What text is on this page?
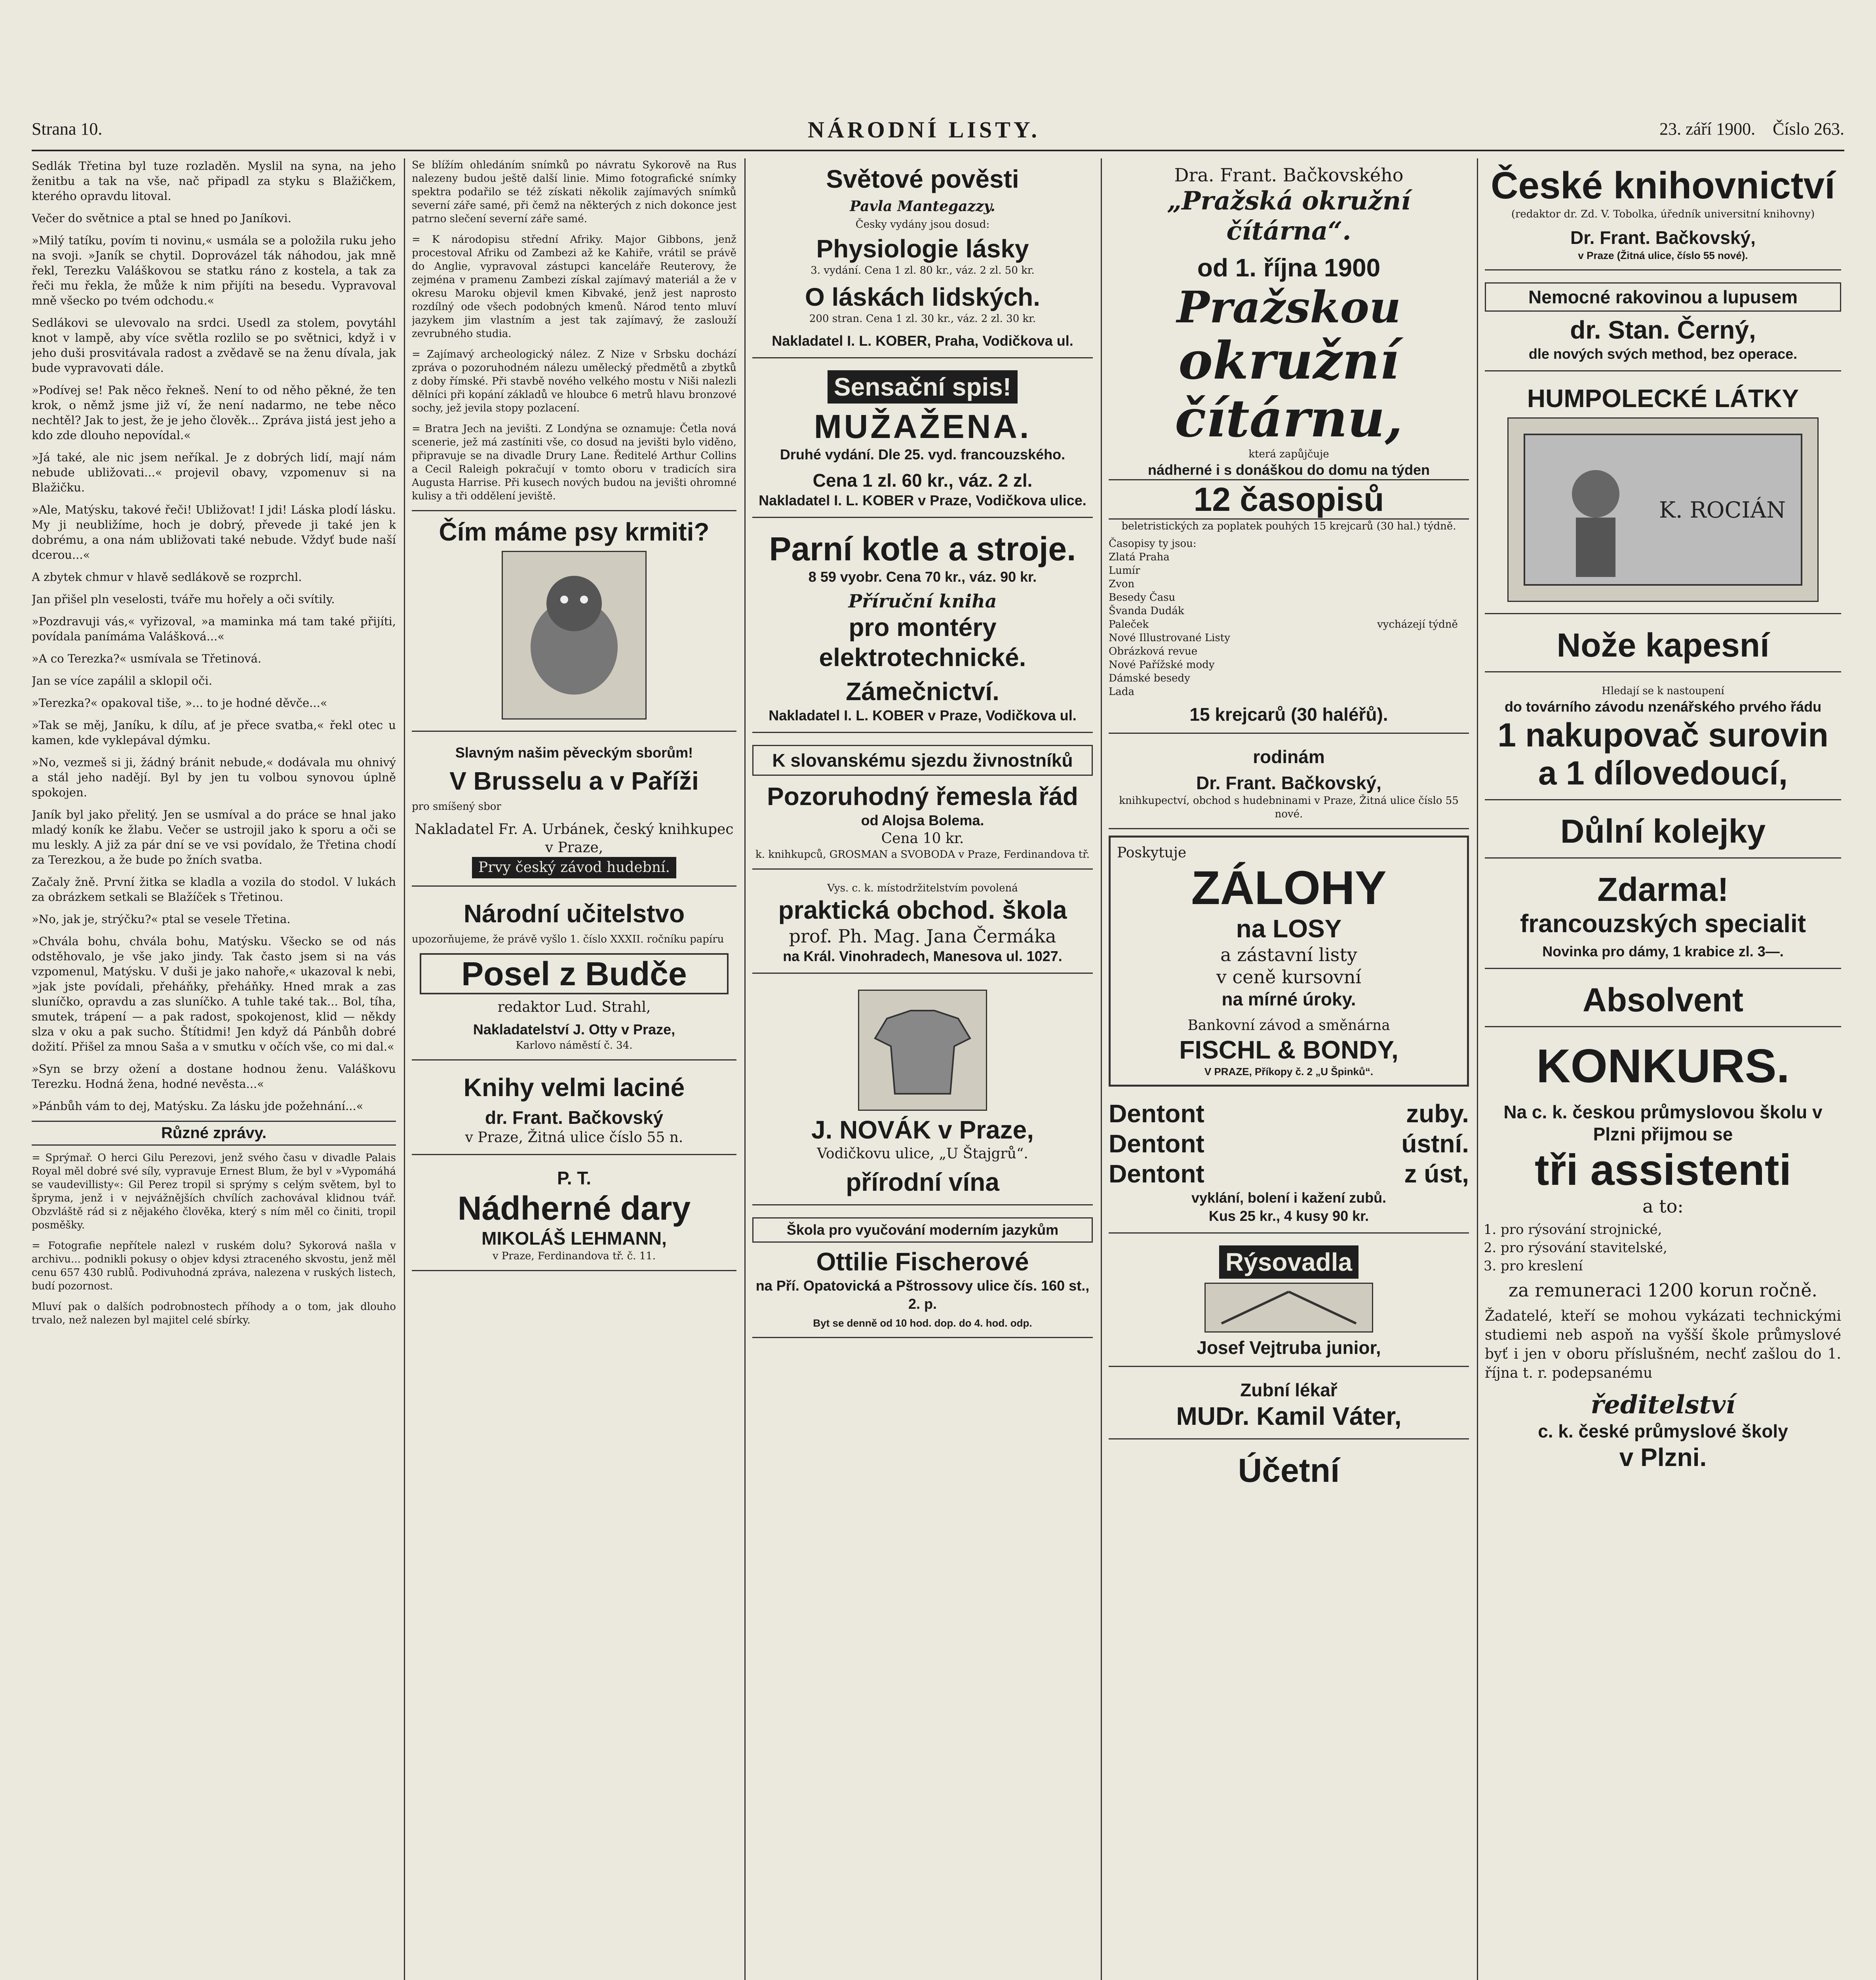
Strana 10.	NÁRODNÍ LISTY.	23. září 1900. Číslo 263.

Sedlák Třetina byl tuze rozladěn. Myslil na syna, na jeho ženitbu a tak na vše, nač připadl za styku s Blažičkem, kterého opravdu litoval.

Večer do světnice a ptal se hned po Janíkovi.

»Milý tatíku, povím ti novinu,« usmála se a položila ruku jeho na svoji. »Janík se chytil. Doprovázel ták náhodou, jak mně řekl, Terezku Valáškovou se statku ráno z kostela, a tak za řeči mu řekla, že může k nim přijíti na besedu. Vypravoval mně všecko po tvém odchodu.«

Sedlákovi se ulevovalo na srdci. Usedl za stolem, povytáhl knot v lampě, aby více světla rozlilo se po světnici, když i v jeho duši prosvitávala radost a zvědavě se na ženu dívala, jak bude vypravovati dále.

»Podívej se! Pak něco řekneš. Není to od něho pěkné, že ten krok, o němž jsme již ví, že není nadarmo, ne tebe něco nechtěl? Jak to jest, že je jeho člověk... Zpráva jistá jest jeho a kdo zde dlouho nepovídal.«

»Já také, ale nic jsem neříkal. Je z dobrých lidí, mají nám nebude ubližovati...« projevil obavy, vzpomenuv si na Blažičku.

»Ale, Matýsku, takové řeči! Ubližovat! I jdi! Láska plodí lásku. My ji neubližíme, hoch je dobrý, převede ji také jen k dobrému, a ona nám ubližovati také nebude. Vždyť bude naší dcerou...«

A zbytek chmur v hlavě sedlákově se rozprchl.

Jan přišel pln veselosti, tváře mu hořely a oči svítily.

»Pozdravuji vás,« vyřizoval, »a maminka má tam také přijíti, povídala panímáma Valášková...«

»A co Terezka?« usmívala se Třetinová.

Jan se více zapálil a sklopil oči.

»Terezka?« opakoval tiše, »... to je hodné děvče...«

»Tak se měj, Janíku, k dílu, ať je přece svatba,« řekl otec u kamen, kde vyklepával dýmku.

»No, vezmeš si ji, žádný bránit nebude,« dodávala mu ohnivý a stál jeho nadějí. Byl by jen tu volbou synovou úplně spokojen.

Janík byl jako přelitý. Jen se usmíval a do práce se hnal jako mladý koník ke žlabu. Večer se ustrojil jako k sporu a oči se mu leskly. A již za pár dní se ve vsi povídalo, že Třetina chodí za Terezkou, a že bude po žních svatba.

Začaly žně. První žitka se kladla a vozila do stodol. V lukách za obrázkem setkali se Blažíček s Třetinou.

»No, jak je, strýčku?« ptal se vesele Třetina.

»Chvála bohu, chvála bohu, Matýsku. Všecko se od nás odstěhovalo, je vše jako jindy. Tak často jsem si na vás vzpomenul, Matýsku. V duši je jako nahoře,« ukazoval k nebi, »jak jste povídali, přeháňky, přeháňky. Hned mrak a zas sluníčko, opravdu a zas sluníčko. A tuhle také tak... Bol, tíha, smutek, trápení — a pak radost, spokojenost, klid — někdy slza v oku a pak sucho. Štítidmi! Jen když dá Pánbůh dobré dožití. Přišel za mnou Saša a v smutku v očích vše, co mi dal.«

»Syn se brzy ožení a dostane hodnou ženu. Valáškovu Terezku. Hodná žena, hodné nevěsta...«

»Pánbůh vám to dej, Matýsku. Za lásku jde požehnání...«

Různé zprávy.

= Sprýmař. O herci Gilu Perezovi, jenž svého času v divadle Palais Royal měl dobré své síly, vypravuje Ernest Blum, že byl v »Vypomáhá se vaudevillisty«: Gil Perez tropil si sprýmy s celým světem, byl to špryma, jenž i v nejvážnějších chvílích zachovával klidnou tvář. Obzvláště rád si z nějakého člověka, který s ním měl co činiti, tropil posměšky.

= Fotografie nepřítele nalezl v ruském dolu? Sykorová našla v archivu... podnikli pokusy o objev kdysi ztraceného skvostu, jenž měl cenu 657 430 rublů. Podivuhodná zpráva, nalezena v ruských listech, budí pozornost.

Mluví pak o dalších podrobnostech příhody a o tom, jak dlouho trvalo, než nalezen byl majitel celé sbírky.

Se blížím ohledáním snímků po návratu Sykorově na Rus nalezeny budou ještě další linie. Mimo fotografické snímky spektra podařilo se též získati několik zajímavých snímků severní záře samé, při čemž na některých z nich dokonce jest patrno slečení severní záře samé.

= K národopisu střední Afriky. Major Gibbons, jenž procestoval Afriku od Zambezi až ke Kahiře, vrátil se právě do Anglie, vypravoval zástupci kanceláře Reuterovy, že zejména v pramenu Zambezi získal zajímavý materiál a že v okresu Maroku objevil kmen Kibvaké, jenž jest naprosto rozdílný ode všech podobných kmenů. Národ tento mluví jazykem jim vlastním a jest tak zajímavý, že zaslouží zevrubného studia.

= Zajímavý archeologický nález. Z Nize v Srbsku dochází zpráva o pozoruhodném nálezu umělecký předmětů a zbytků z doby římské. Při stavbě nového velkého mostu v Niši nalezli dělníci při kopání základů ve hloubce 6 metrů hlavu bronzové sochy, jež jevila stopy pozlacení.

= Bratra Jech na jevišti. Z Londýna se oznamuje: Četla nová scenerie, jež má zastíniti vše, co dosud na jevišti bylo viděno, připravuje se na divadle Drury Lane. Ředitelé Arthur Collins a Cecil Raleigh pokračují v tomto oboru v tradicích sira Augusta Harrise. Při kusech nových budou na jevišti ohromné kulisy a tři oddělení jeviště.

Čím máme psy krmiti?
Slavným našim pěveckým sborům!
V Brusselu a v Paříži

pro smíšený sbor

Nakladatel Fr. A. Urbánek, český knihkupec v Praze,
Prvy český závod hudební.
Národní učitelstvo

upozorňujeme, že právě vyšlo 1. číslo XXXII. ročníku papíru

Posel z Budče
redaktor Lud. Strahl,
Nakladatelství J. Otty v Praze,
Karlovo náměstí č. 34.
Knihy velmi laciné
dr. Frant. Bačkovský
v Praze, Žitná ulice číslo 55 n.
P. T.
Nádherné dary
MIKOLÁŠ LEHMANN,
v Praze, Ferdinandova tř. č. 11.
Světové pověsti
Pavla Mantegazzy.
Česky vydány jsou dosud:
Physiologie lásky
3. vydání. Cena 1 zl. 80 kr., váz. 2 zl. 50 kr.
O láskách lidských.
200 stran. Cena 1 zl. 30 kr., váz. 2 zl. 30 kr.
Nakladatel I. L. KOBER, Praha, Vodičkova ul.
Sensační spis!
MUŽAŽENA.
Druhé vydání. Dle 25. vyd. francouzského.
Cena 1 zl. 60 kr., váz. 2 zl.
Nakladatel I. L. KOBER v Praze, Vodičkova ulice.
Parní kotle a stroje.
8 59 vyobr. Cena 70 kr., váz. 90 kr.
Příruční kniha
pro montéry elektrotechnické.
Zámečnictví.
Nakladatel I. L. KOBER v Praze, Vodičkova ul.
K slovanskému sjezdu živnostníků
Pozoruhodný řemesla řád
od Alojsa Bolema.
Cena 10 kr.
k. knihkupců, GROSMAN a SVOBODA v Praze, Ferdinandova tř.
Vys. c. k. místodržitelstvím povolená
praktická obchod. škola
prof. Ph. Mag. Jana Čermáka
na Král. Vinohradech, Manesova ul. 1027.
J. NOVÁK v Praze,
Vodičkovu ulice, „U Štajgrů“.
přírodní vína
Škola pro vyučování moderním jazykům
Ottilie Fischerové
na Pří. Opatovická a Pštrossovy ulice čís. 160 st., 2. p.
Byt se denně od 10 hod. dop. do 4. hod. odp.
Dra. Frant. Bačkovského
„Pražská okružní čítárna“.
od 1. října 1900
Pražskou
okružní
čítárnu,
která zapůjčuje
nádherné i s donáškou do domu na týden
12 časopisů
beletristických za poplatek pouhých 15 krejcarů (30 hal.) týdně.
Časopisy ty jsou:
Zlatá Praha
Lumír
Zvon
Besedy Času
Švanda Dudák
Paleček
Nové Illustrované Listy
Obrázková revue
Nové Pařížské mody
Dámské besedy
Lada
vycházejí týdně
15 krejcarů (30 haléřů).
rodinám
Dr. Frant. Bačkovský,
knihkupectví, obchod s hudebninami v Praze, Žitná ulice číslo 55 nové.
Poskytuje
ZÁLOHY
na LOSY
a zástavní listy
v ceně kursovní
na mírné úroky.
Bankovní závod a směnárna
FISCHL & BONDY,
V PRAZE, Příkopy č. 2 „U Špinků“.
Dentont	zuby.
Dentont	ústní.
Dentont	z úst,
vyklání, bolení i kažení zubů.
Kus 25 kr., 4 kusy 90 kr.
Rýsovadla
Josef Vejtruba junior,
Zubní lékař
MUDr. Kamil Váter,
Účetní
České knihovnictví
(redaktor dr. Zd. V. Tobolka, úředník universitní knihovny)
Dr. Frant. Bačkovský,
v Praze (Žitná ulice, číslo 55 nové).
Nemocné rakovinou a lupusem
dr. Stan. Černý,
dle nových svých method, bez operace.
HUMPOLECKÉ LÁTKY
K. ROCIÁN
Nože kapesní
Hledají se k nastoupení
do továrního závodu nzenářského prvého řádu
1 nakupovač surovin
a 1 dílovedoucí,
Důlní kolejky
Zdarma!
francouzských specialit
Novinka pro dámy, 1 krabice zl. 3—.
Absolvent
KONKURS.
Na c. k. českou průmyslovou školu v Plzni přijmou se
tři assistenti
a to:
1. pro rýsování strojnické,
2. pro rýsování stavitelské,
3. pro kreslení
za remuneraci 1200 korun ročně.

Žadatelé, kteří se mohou vykázati technickými studiemi neb aspoň na vyšší škole průmyslové byť i jen v oboru příslušném, nechť zašlou do 1. října t. r. podepsanému

ředitelství
c. k. české průmyslové školy
v Plzni.
